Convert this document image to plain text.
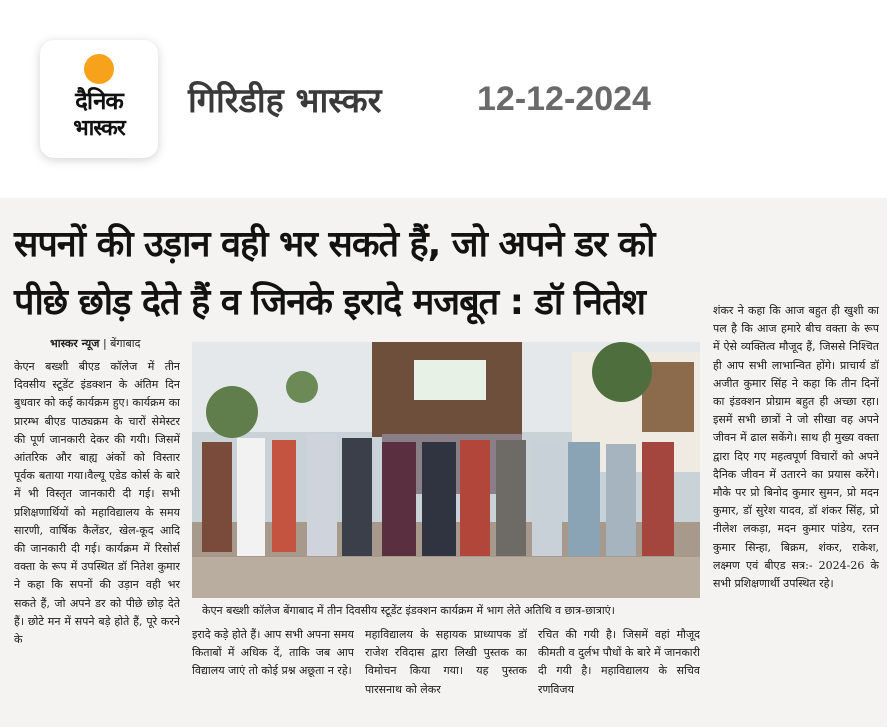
दैनिक
भास्कर
गिरिडीह भास्कर	12-12-2024
सपनों की उड़ान वही भर सकते हैं, जो अपने डर को
पीछे छोड़ देते हैं व जिनके इरादे मजबूत : डॉ नितेश
भास्कर न्यूज | बेंगाबाद
केएन बख्शी बीएड कॉलेज में तीन दिवसीय स्टूडेंट इंडक्शन के अंतिम दिन बुधवार को कई कार्यक्रम हुए। कार्यक्रम का प्रारम्भ बीएड पाठ्यक्रम के चारों सेमेस्टर की पूर्ण जानकारी देकर की गयी। जिसमें आंतरिक और बाह्य अंकों को विस्तार पूर्वक बताया गया।वैल्यू एडेड कोर्स के बारे में भी विस्तृत जानकारी दी गई। सभी प्रशिक्षणार्थियों को महाविद्यालय के समय सारणी, वार्षिक कैलेंडर, खेल-कूद आदि की जानकारी दी गई। कार्यक्रम में रिसोर्स वक्ता के रूप में उपस्थित डॉ नितेश कुमार ने कहा कि सपनों की उड़ान वही भर सकते हैं, जो अपने डर को पीछे छोड़ देते हैं। छोटे मन में सपने बड़े होते हैं, पूरे करने के
केएन बख्शी कॉलेज बेंगाबाद में तीन दिवसीय स्टूडेंट इंडक्शन कार्यक्रम में भाग लेते अतिथि व छात्र-छात्राएं।
इरादे कड़े होते हैं। आप सभी अपना समय किताबों में अधिक दें, ताकि जब आप विद्यालय जाएं तो कोई प्रश्न अछूता न रहे।
महाविद्यालय के सहायक प्राध्यापक डॉ राजेश रविदास द्वारा लिखी पुस्तक का विमोचन किया गया। यह पुस्तक पारसनाथ को लेकर
रचित की गयी है। जिसमें वहां मौजूद कीमती व दुर्लभ पौधों के बारे में जानकारी दी गयी है। महाविद्यालय के सचिव रणविजय
शंकर ने कहा कि आज बहुत ही खुशी का पल है कि आज हमारे बीच वक्ता के रूप में ऐसे व्यक्तित्व मौजूद हैं, जिससे निश्चित ही आप सभी लाभान्वित होंगे। प्राचार्य डॉ अजीत कुमार सिंह ने कहा कि तीन दिनों का इंडक्शन प्रोग्राम बहुत ही अच्छा रहा। इसमें सभी छात्रों ने जो सीखा वह अपने जीवन में ढाल सकेंगे। साथ ही मुख्य वक्ता द्वारा दिए गए महत्वपूर्ण विचारों को अपने दैनिक जीवन में उतारने का प्रयास करेंगे। मौके पर प्रो बिनोद कुमार सुमन, प्रो मदन कुमार, डॉ सुरेश यादव, डॉ शंकर सिंह, प्रो नीलेश लकड़ा, मदन कुमार पांडेय, रतन कुमार सिन्हा, बिक्रम, शंकर, राकेश, लक्ष्मण एवं बीएड सत्र:- 2024-26 के सभी प्रशिक्षणार्थी उपस्थित रहे।
